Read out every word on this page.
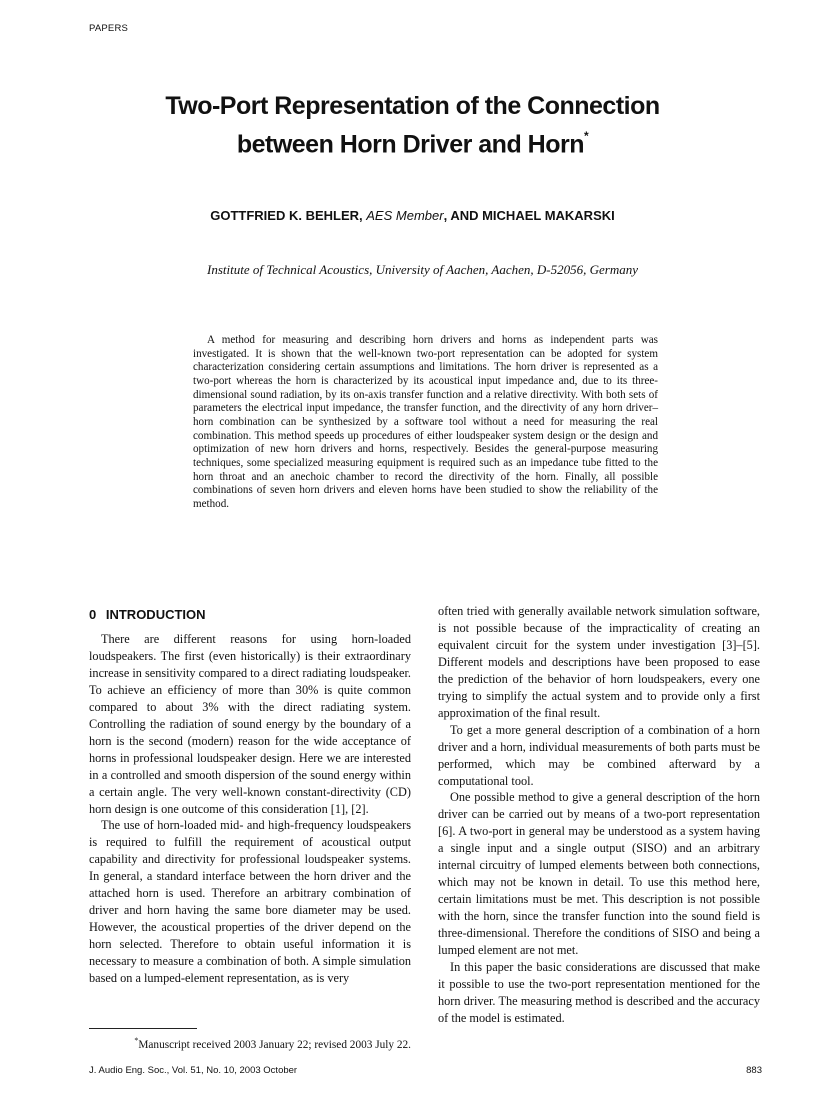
PAPERS
Two-Port Representation of the Connection
between Horn Driver and Horn*
GOTTFRIED K. BEHLER, AES Member, AND MICHAEL MAKARSKI
Institute of Technical Acoustics, University of Aachen, Aachen, D-52056, Germany

A method for measuring and describing horn drivers and horns as independent parts was investigated. It is shown that the well-known two-port representation can be adopted for system characterization considering certain assumptions and limitations. The horn driver is represented as a two-port whereas the horn is characterized by its acoustical input impedance and, due to its three-dimensional sound radiation, by its on-axis transfer function and a relative directivity. With both sets of parameters the electrical input impedance, the transfer function, and the directivity of any horn driver–horn combination can be synthesized by a software tool without a need for measuring the real combination. This method speeds up procedures of either loudspeaker system design or the design and optimization of new horn drivers and horns, respectively. Besides the general-purpose measuring techniques, some specialized measuring equipment is required such as an impedance tube fitted to the horn throat and an anechoic chamber to record the directivity of the horn. Finally, all possible combinations of seven horn drivers and eleven horns have been studied to show the reliability of the method.

0 INTRODUCTION

There are different reasons for using horn-loaded loudspeakers. The first (even historically) is their extraordinary increase in sensitivity compared to a direct radiating loudspeaker. To achieve an efficiency of more than 30% is quite common compared to about 3% with the direct radiating system. Controlling the radiation of sound energy by the boundary of a horn is the second (modern) reason for the wide acceptance of horns in professional loudspeaker design. Here we are interested in a controlled and smooth dispersion of the sound energy within a certain angle. The very well-known constant-directivity (CD) horn design is one outcome of this consideration [1], [2].

The use of horn-loaded mid- and high-frequency loudspeakers is required to fulfill the requirement of acoustical output capability and directivity for professional loudspeaker systems. In general, a standard interface between the horn driver and the attached horn is used. Therefore an arbitrary combination of driver and horn having the same bore diameter may be used. However, the acoustical properties of the driver depend on the horn selected. Therefore to obtain useful information it is necessary to measure a combination of both. A simple simulation based on a lumped-element representation, as is very

often tried with generally available network simulation software, is not possible because of the impracticality of creating an equivalent circuit for the system under investigation [3]–[5]. Different models and descriptions have been proposed to ease the prediction of the behavior of horn loudspeakers, every one trying to simplify the actual system and to provide only a first approximation of the final result.

To get a more general description of a combination of a horn driver and a horn, individual measurements of both parts must be performed, which may be combined afterward by a computational tool.

One possible method to give a general description of the horn driver can be carried out by means of a two-port representation [6]. A two-port in general may be understood as a system having a single input and a single output (SISO) and an arbitrary internal circuitry of lumped elements between both connections, which may not be known in detail. To use this method here, certain limitations must be met. This description is not possible with the horn, since the transfer function into the sound field is three-dimensional. Therefore the conditions of SISO and being a lumped element are not met.

In this paper the basic considerations are discussed that make it possible to use the two-port representation mentioned for the horn driver. The measuring method is described and the accuracy of the model is estimated.

*Manuscript received 2003 January 22; revised 2003 July 22.
J. Audio Eng. Soc., Vol. 51, No. 10, 2003 October	883
